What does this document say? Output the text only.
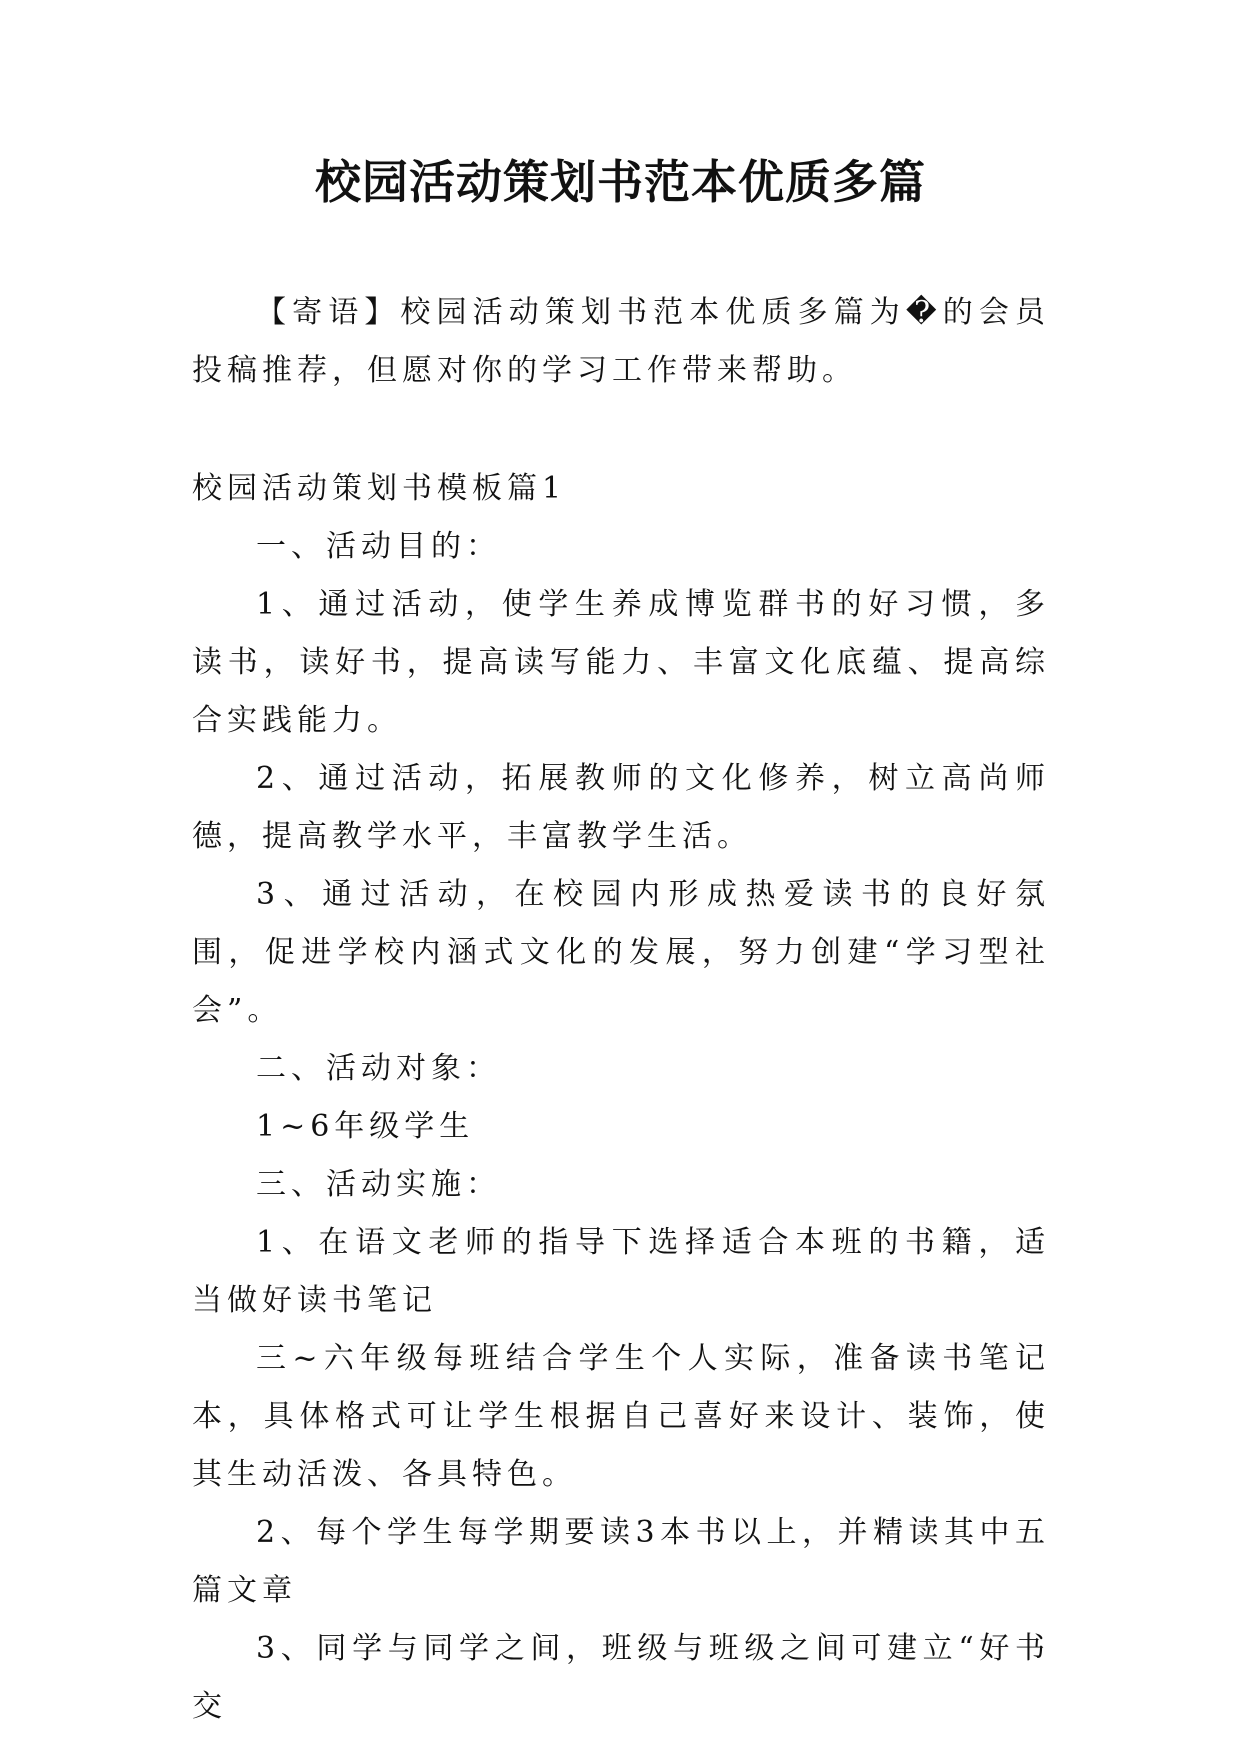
校园活动策划书范本优质多篇

【寄语】校园活动策划书范本优质多篇为�的会员投稿推荐，但愿对你的学习工作带来帮助。

校园活动策划书模板篇1

一、活动目的：

1、通过活动，使学生养成博览群书的好习惯，多读书，读好书，提高读写能力、丰富文化底蕴、提高综合实践能力。

2、通过活动，拓展教师的文化修养，树立高尚师德，提高教学水平，丰富教学生活。

3、通过活动，在校园内形成热爱读书的良好氛围，促进学校内涵式文化的发展，努力创建“学习型社会”。

二、活动对象：

1~6年级学生

三、活动实施：

1、在语文老师的指导下选择适合本班的书籍，适当做好读书笔记

三~六年级每班结合学生个人实际，准备读书笔记本，具体格式可让学生根据自己喜好来设计、装饰，使其生动活泼、各具特色。

2、每个学生每学期要读3本书以上，并精读其中五篇文章

3、同学与同学之间，班级与班级之间可建立“好书交
